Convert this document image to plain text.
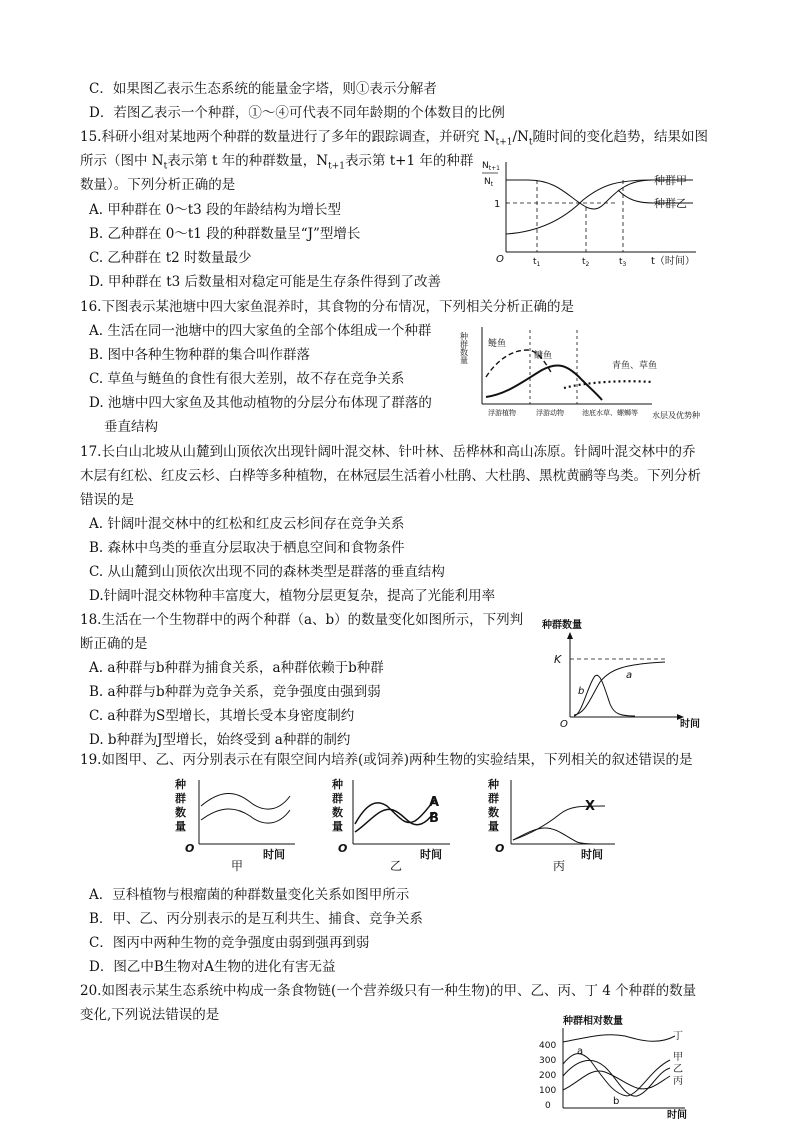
C．如果图乙表示生态系统的能量金字塔，则①表示分解者
D．若图乙表示一个种群，①～④可代表不同年龄期的个体数目的比例
15.科研小组对某地两个种群的数量进行了多年的跟踪调查，并研究 $N_{t+1}/N_t$随时间的变化趋势，结果如图
所示（图中 $N_t$表示第 t 年的种群数量，$N_{t+1}$表示第 t+1 年的种群
数量）。下列分析正确的是
A. 甲种群在 0～t3 段的年龄结构为增长型
B. 乙种群在 0～t1 段的种群数量呈“J”型增长
C. 乙种群在 t2 时数量最少
D. 甲种群在 t3 后数量相对稳定可能是生存条件得到了改善
$N_{t+1}$
$N_t$
1
O	$t_1$	$t_2$	$t_3$ t（时间）
种群甲
种群乙
16.下图表示某池塘中四大家鱼混养时，其食物的分布情况，下列相关分析正确的是
A. 生活在同一池塘中的四大家鱼的全部个体组成一个种群
B. 图中各种生物种群的集合叫作群落
C. 草鱼与鲢鱼的食性有很大差别，故不存在竞争关系
D. 池塘中四大家鱼及其他动植物的分层分布体现了群落的
垂直结构
种群数量 鲢鱼
鳙鱼
青鱼、草鱼
浮游植物	浮游动物	池底水草、螺蛳等 水层及优势种
17.长白山北坡从山麓到山顶依次出现针阔叶混交林、针叶林、岳桦林和高山冻原。针阔叶混交林中的乔
木层有红松、红皮云杉、白桦等多种植物，在林冠层生活着小杜鹃、大杜鹃、黑枕黄鹂等鸟类。下列分析
错误的是
A. 针阔叶混交林中的红松和红皮云杉间存在竞争关系
B. 森林中鸟类的垂直分层取决于栖息空间和食物条件
C. 从山麓到山顶依次出现不同的森林类型是群落的垂直结构
D.针阔叶混交林物种丰富度大，植物分层更复杂，提高了光能利用率
18.生活在一个生物群中的两个种群（a、b）的数量变化如图所示，下列判
断正确的是
A. a种群与b种群为捕食关系，a种群依赖于b种群
B. a种群与b种群为竞争关系，竞争强度由强到弱
C. a种群为S型增长，其增长受本身密度制约
D. b种群为J型增长，始终受到 a种群的制约
种群数量
K
a
b
O	时间
19.如图甲、乙、丙分别表示在有限空间内培养(或饲养)两种生物的实验结果，下列相关的叙述错误的是
种
群
数
量
O	时间
甲
种
群
数
量
A
B
O	时间
乙
种
群
数
量
X
O	时间
丙
A．豆科植物与根瘤菌的种群数量变化关系如图甲所示
B．甲、乙、丙分别表示的是互利共生、捕食、竞争关系
C．图丙中两种生物的竞争强度由弱到强再到弱
D．图乙中B生物对A生物的进化有害无益
20.如图表示某生态系统中构成一条食物链(一个营养级只有一种生物)的甲、乙、丙、丁 4 个种群的数量
变化,下列说法错误的是	种群相对数量
400
300
200
100
0
丁
甲
乙
丙
a
b
时间
